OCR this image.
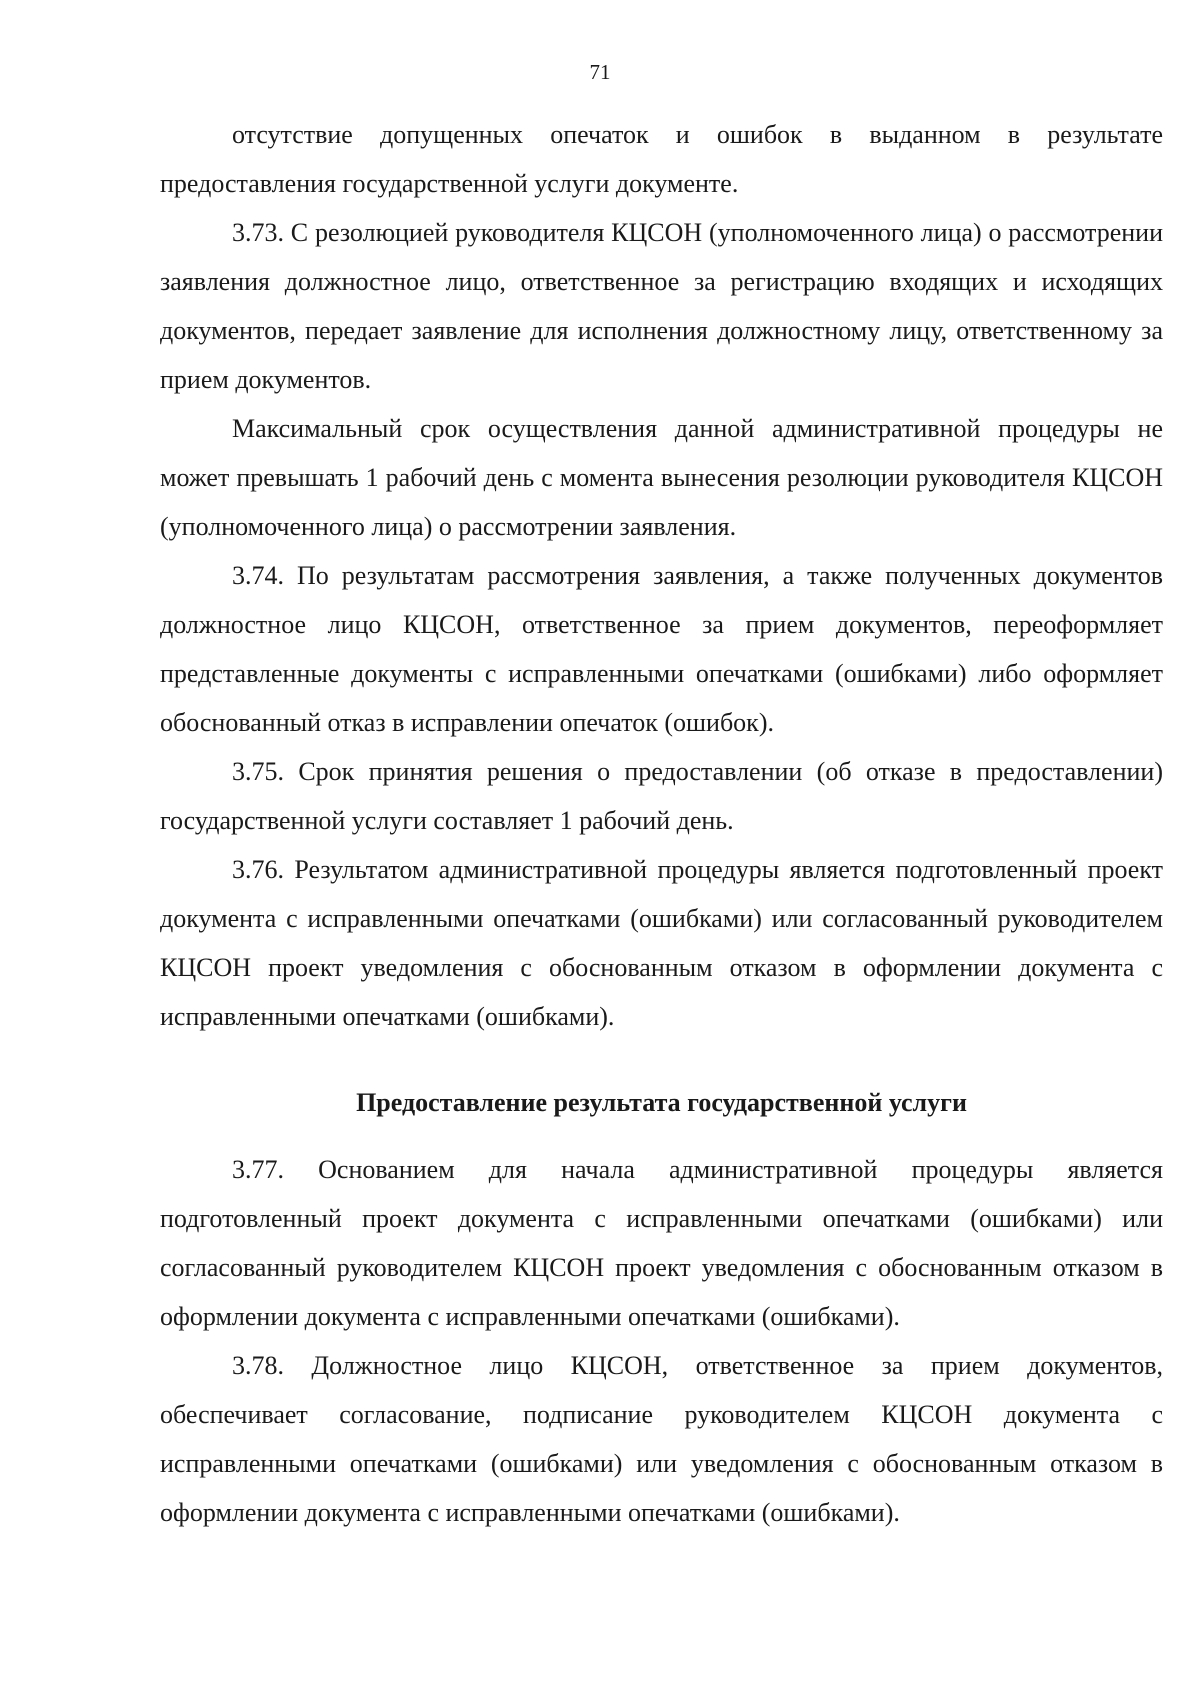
71

отсутствие допущенных опечаток и ошибок в выданном в результате предоставления государственной услуги документе.

3.73. С резолюцией руководителя КЦСОН (уполномоченного лица) о рассмотрении заявления должностное лицо, ответственное за регистрацию входящих и исходящих документов, передает заявление для исполнения должностному лицу, ответственному за прием документов.

Максимальный срок осуществления данной административной процедуры не может превышать 1 рабочий день с момента вынесения резолюции руководителя КЦСОН (уполномоченного лица) о рассмотрении заявления.

3.74. По результатам рассмотрения заявления, а также полученных документов должностное лицо КЦСОН, ответственное за прием документов, переоформляет представленные документы с исправленными опечатками (ошибками) либо оформляет обоснованный отказ в исправлении опечаток (ошибок).

3.75. Срок принятия решения о предоставлении (об отказе в предоставлении) государственной услуги составляет 1 рабочий день.

3.76. Результатом административной процедуры является подготовленный проект документа с исправленными опечатками (ошибками) или согласованный руководителем КЦСОН проект уведомления с обоснованным отказом в оформлении документа с исправленными опечатками (ошибками).

Предоставление результата государственной услуги

3.77. Основанием для начала административной процедуры является подготовленный проект документа с исправленными опечатками (ошибками) или согласованный руководителем КЦСОН проект уведомления с обоснованным отказом в оформлении документа с исправленными опечатками (ошибками).

3.78. Должностное лицо КЦСОН, ответственное за прием документов, обеспечивает согласование, подписание руководителем КЦСОН документа с исправленными опечатками (ошибками) или уведомления с обоснованным отказом в оформлении документа с исправленными опечатками (ошибками).
